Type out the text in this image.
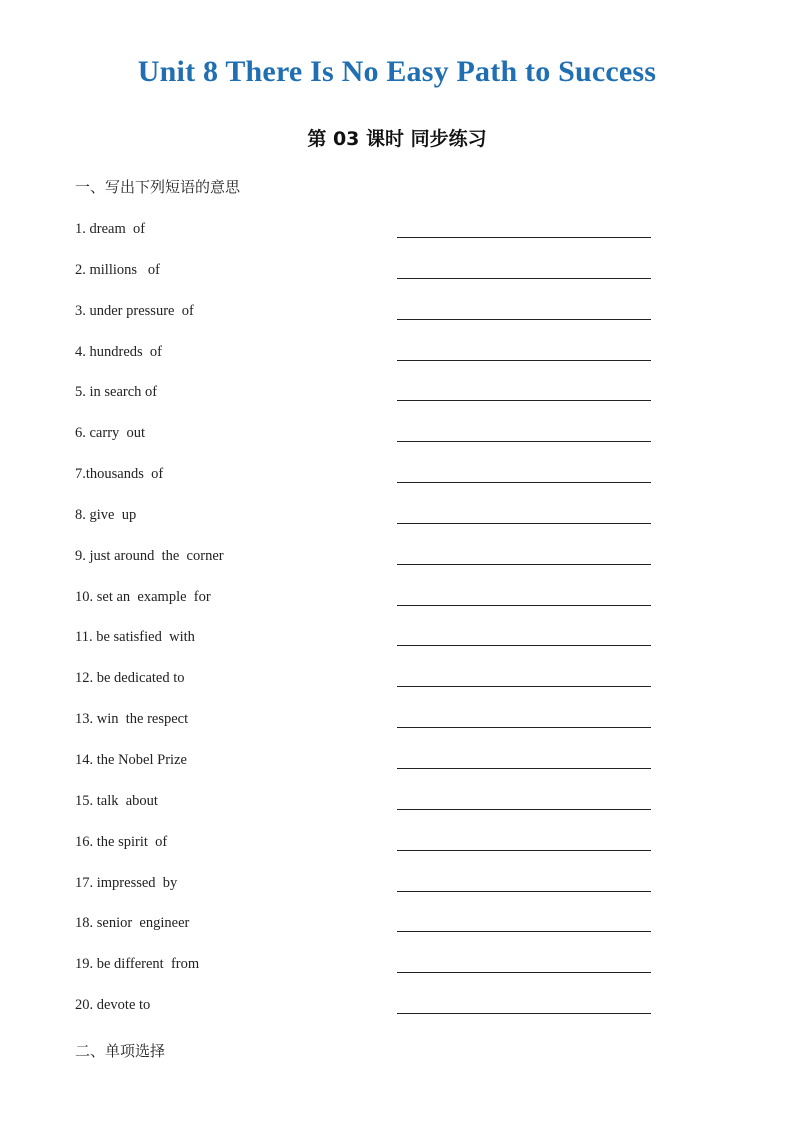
Unit 8 There Is No Easy Path to Success
第 03 课时 同步练习
一、写出下列短语的意思
1. dream  of
2. millions   of
3. under pressure  of
4. hundreds  of
5. in search of
6. carry  out
7.thousands  of
8. give  up
9. just around  the  corner
10. set an  example  for
11. be satisfied  with
12. be dedicated to
13. win  the respect
14. the Nobel Prize
15. talk  about
16. the spirit  of
17. impressed  by
18. senior  engineer
19. be different  from
20. devote to
二、单项选择
